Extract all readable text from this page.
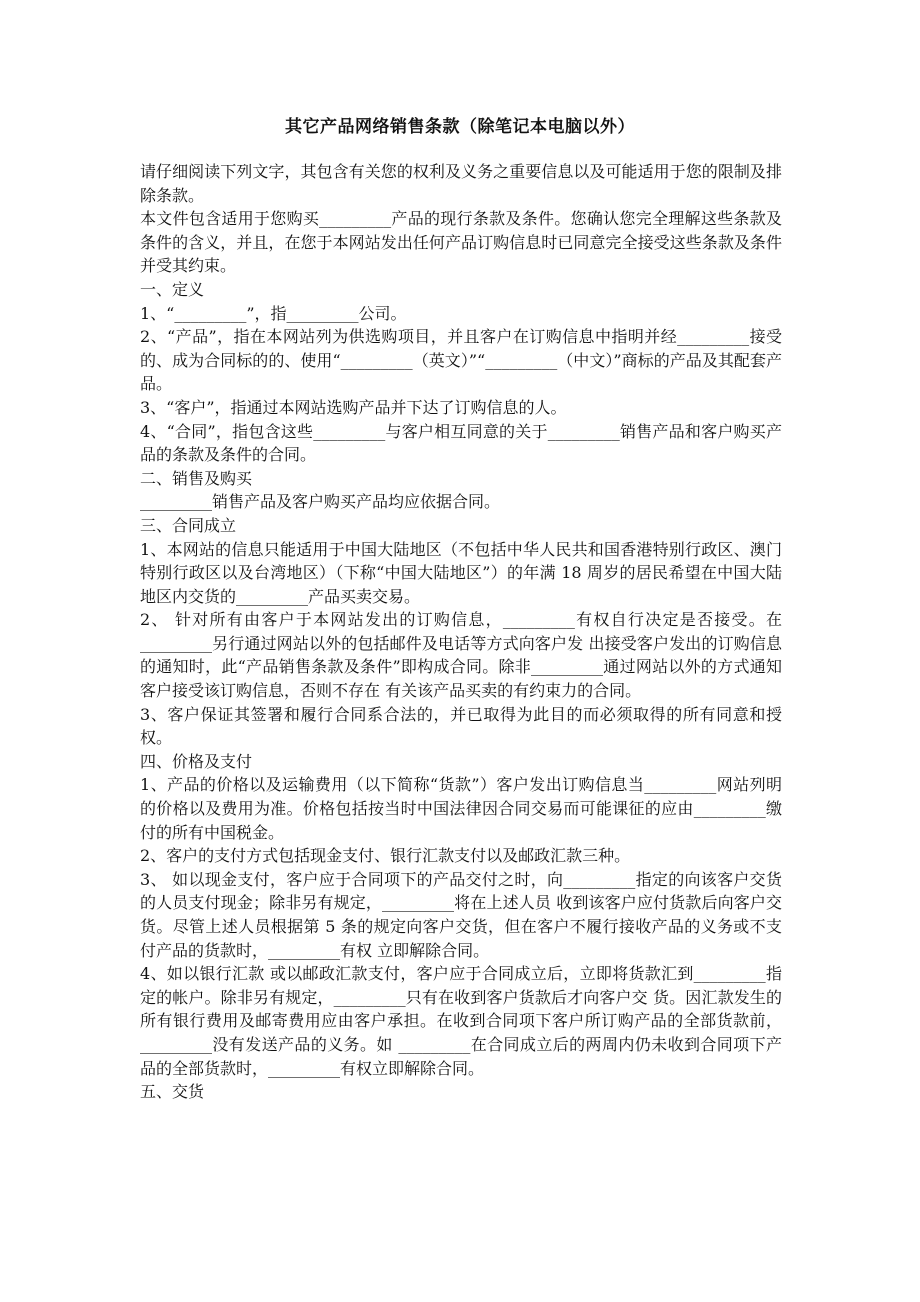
其它产品网络销售条款（除笔记本电脑以外）

请仔细阅读下列文字，其包含有关您的权利及义务之重要信息以及可能适用于您的限制及排除条款。

本文件包含适用于您购买_________产品的现行条款及条件。您确认您完全理解这些条款及条件的含义，并且，在您于本网站发出任何产品订购信息时已同意完全接受这些条款及条件并受其约束。

一、定义

1、“_________”，指_________公司。

2、“产品”，指在本网站列为供选购项目，并且客户在订购信息中指明并经_________接受的、成为合同标的的、使用“_________（英文）”“_________（中文）”商标的产品及其配套产品。

3、“客户”，指通过本网站选购产品并下达了订购信息的人。

4、“合同”，指包含这些_________与客户相互同意的关于_________销售产品和客户购买产品的条款及条件的合同。

二、销售及购买

_________销售产品及客户购买产品均应依据合同。

三、合同成立

1、本网站的信息只能适用于中国大陆地区（不包括中华人民共和国香港特别行政区、澳门特别行政区以及台湾地区）（下称“中国大陆地区”）的年满 18 周岁的居民希望在中国大陆地区内交货的_________产品买卖交易。

2、 针对所有由客户于本网站发出的订购信息，_________有权自行决定是否接受。在_________另行通过网站以外的包括邮件及电话等方式向客户发 出接受客户发出的订购信息的通知时，此“产品销售条款及条件”即构成合同。除非_________通过网站以外的方式通知客户接受该订购信息，否则不存在 有关该产品买卖的有约束力的合同。

3、客户保证其签署和履行合同系合法的，并已取得为此目的而必须取得的所有同意和授权。

四、价格及支付

1、产品的价格以及运输费用（以下简称“货款”）客户发出订购信息当_________网站列明的价格以及费用为准。价格包括按当时中国法律因合同交易而可能课征的应由_________缴付的所有中国税金。

2、客户的支付方式包括现金支付、银行汇款支付以及邮政汇款三种。

3、 如以现金支付，客户应于合同项下的产品交付之时，向_________指定的向该客户交货的人员支付现金；除非另有规定，_________将在上述人员 收到该客户应付货款后向客户交货。尽管上述人员根据第 5 条的规定向客户交货，但在客户不履行接收产品的义务或不支付产品的货款时，_________有权 立即解除合同。

4、如以银行汇款 或以邮政汇款支付，客户应于合同成立后，立即将货款汇到_________指定的帐户。除非另有规定，_________只有在收到客户货款后才向客户交 货。因汇款发生的所有银行费用及邮寄费用应由客户承担。在收到合同项下客户所订购产品的全部货款前，_________没有发送产品的义务。如 _________在合同成立后的两周内仍未收到合同项下产品的全部货款时，_________有权立即解除合同。

五、交货
